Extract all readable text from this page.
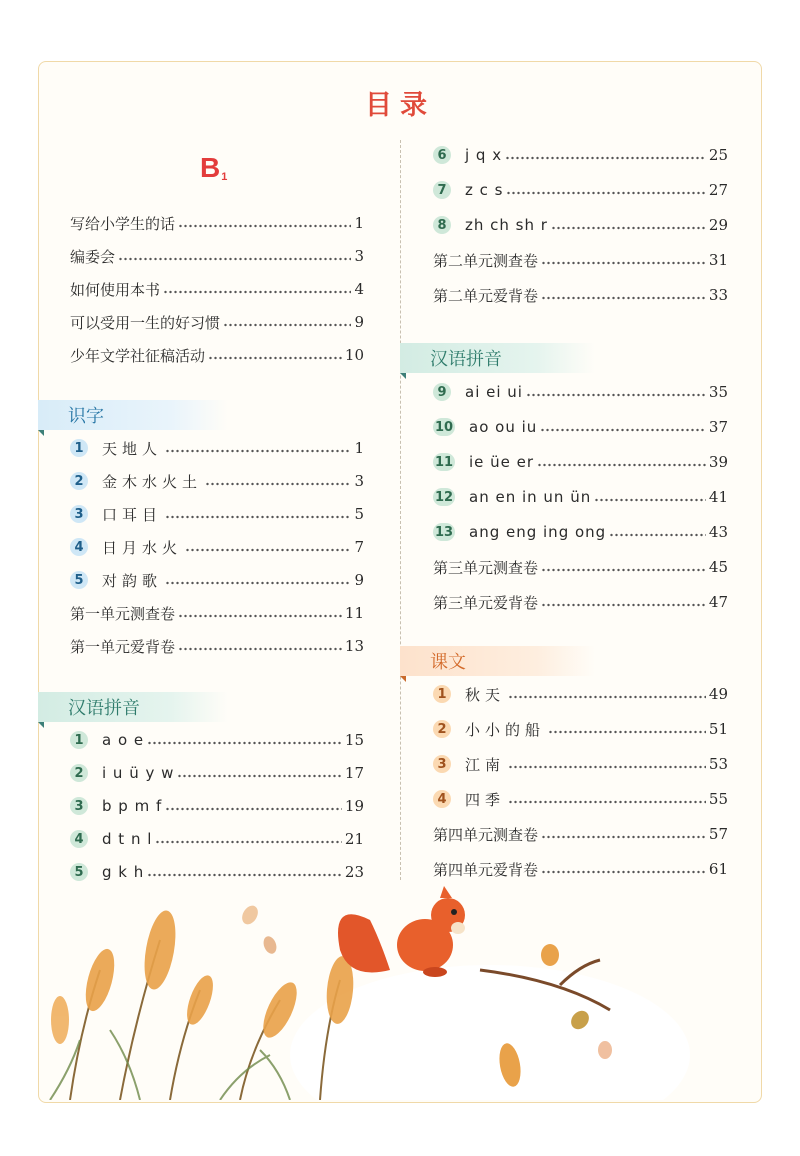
目录
$B_1$
写给小学生的话	1
编委会	3
如何使用本书	4
可以受用一生的好习惯	9
少年文学社征稿活动	10
识字
1 天地人	1
2 金木水火土	3
3 口耳目	5
4 日月水火	7
5 对韵歌	9
第一单元测查卷	11
第一单元爱背卷	13
汉语拼音
1 a o e	15
2 i u ü y w	17
3 b p m f	19
4 d t n l	21
5 g k h	23
6 j q x	25
7 z c s	27
8 zh ch sh r	29
第二单元测查卷	31
第二单元爱背卷	33
汉语拼音
9 ai ei ui	35
10 ao ou iu	37
11 ie üe er	39
12 an en in un ün	41
13 ang eng ing ong	43
第三单元测查卷	45
第三单元爱背卷	47
课文
1 秋天	49
2 小小的船	51
3 江南	53
4 四季	55
第四单元测查卷	57
第四单元爱背卷	61
